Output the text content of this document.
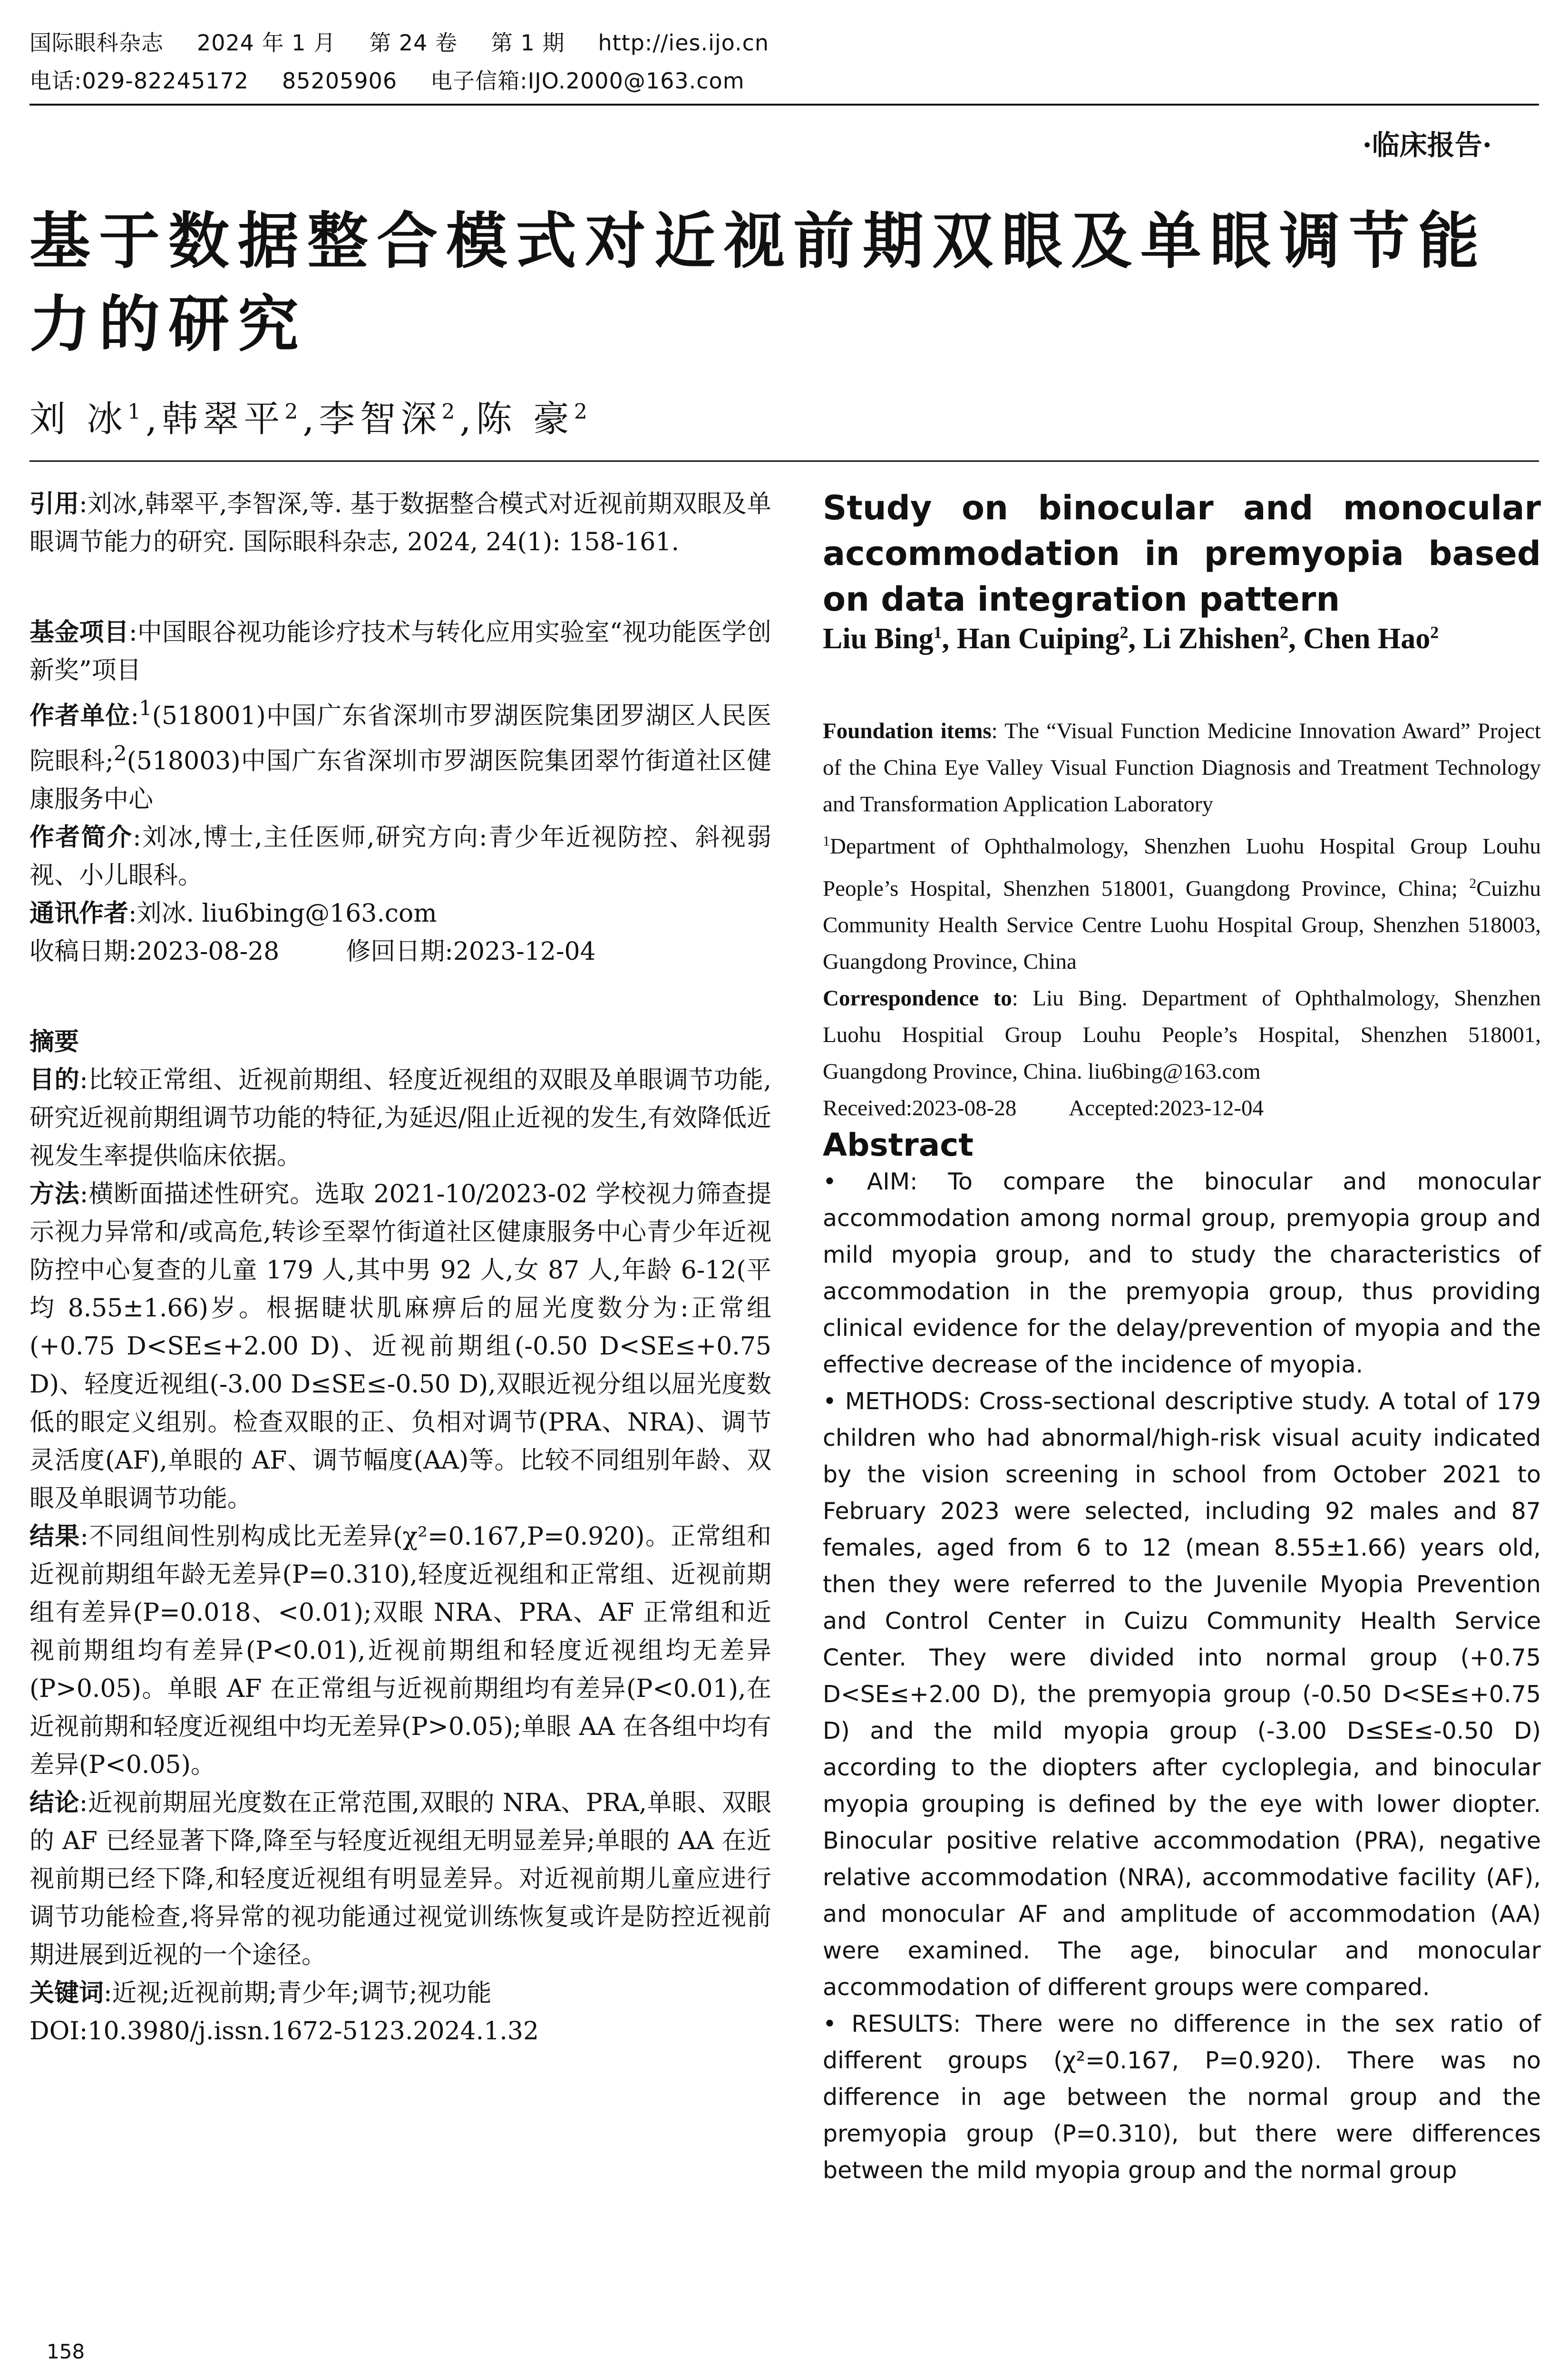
国际眼科杂志 2024 年 1 月 第 24 卷 第 1 期 http://ies.ijo.cn
电话:029-82245172 85205906 电子信箱:IJO.2000@163.com
·临床报告·
基于数据整合模式对近视前期双眼及单眼调节能力的研究
刘 冰$^1$,韩翠平$^2$,李智深$^2$,陈 豪$^2$

引用:刘冰,韩翠平,李智深,等. 基于数据整合模式对近视前期双眼及单眼调节能力的研究. 国际眼科杂志, 2024, 24(1): 158-161.

基金项目:中国眼谷视功能诊疗技术与转化应用实验室“视功能医学创新奖”项目

作者单位:$^1$(518001)中国广东省深圳市罗湖医院集团罗湖区人民医院眼科;$^2$(518003)中国广东省深圳市罗湖医院集团翠竹街道社区健康服务中心

作者简介:刘冰,博士,主任医师,研究方向:青少年近视防控、斜视弱视、小儿眼科。

通讯作者:刘冰. liu6bing@163.com

收稿日期:2023-08-28	修回日期:2023-12-04

摘要

目的:比较正常组、近视前期组、轻度近视组的双眼及单眼调节功能,研究近视前期组调节功能的特征,为延迟/阻止近视的发生,有效降低近视发生率提供临床依据。

方法:横断面描述性研究。选取 2021-10/2023-02 学校视力筛查提示视力异常和/或高危,转诊至翠竹街道社区健康服务中心青少年近视防控中心复查的儿童 179 人,其中男 92 人,女 87 人,年龄 6-12(平均 8.55±1.66)岁。根据睫状肌麻痹后的屈光度数分为:正常组(+0.75 D<SE≤+2.00 D)、近视前期组(-0.50 D<SE≤+0.75 D)、轻度近视组(-3.00 D≤SE≤-0.50 D),双眼近视分组以屈光度数低的眼定义组别。检查双眼的正、负相对调节(PRA、NRA)、调节灵活度(AF),单眼的 AF、调节幅度(AA)等。比较不同组别年龄、双眼及单眼调节功能。

结果:不同组间性别构成比无差异(χ²=0.167,P=0.920)。正常组和近视前期组年龄无差异(P=0.310),轻度近视组和正常组、近视前期组有差异(P=0.018、<0.01);双眼 NRA、PRA、AF 正常组和近视前期组均有差异(P<0.01),近视前期组和轻度近视组均无差异(P>0.05)。单眼 AF 在正常组与近视前期组均有差异(P<0.01),在近视前期和轻度近视组中均无差异(P>0.05);单眼 AA 在各组中均有差异(P<0.05)。

结论:近视前期屈光度数在正常范围,双眼的 NRA、PRA,单眼、双眼的 AF 已经显著下降,降至与轻度近视组无明显差异;单眼的 AA 在近视前期已经下降,和轻度近视组有明显差异。对近视前期儿童应进行调节功能检查,将异常的视功能通过视觉训练恢复或许是防控近视前期进展到近视的一个途径。

关键词:近视;近视前期;青少年;调节;视功能

DOI:10.3980/j.issn.1672-5123.2024.1.32

Study on binocular and monocular accommodation in premyopia based on data integration pattern

Liu Bing$^1$, Han Cuiping$^2$, Li Zhishen$^2$, Chen Hao$^2$

Foundation items: The “Visual Function Medicine Innovation Award” Project of the China Eye Valley Visual Function Diagnosis and Treatment Technology and Transformation Application Laboratory

$^1$Department of Ophthalmology, Shenzhen Luohu Hospital Group Louhu People’s Hospital, Shenzhen 518001, Guangdong Province, China; $^2$Cuizhu Community Health Service Centre Luohu Hospital Group, Shenzhen 518003, Guangdong Province, China

Correspondence to: Liu Bing. Department of Ophthalmology, Shenzhen Luohu Hospitial Group Louhu People’s Hospital, Shenzhen 518001, Guangdong Province, China. liu6bing@163.com

Received:2023-08-28 Accepted:2023-12-04

Abstract

• AIM: To compare the binocular and monocular accommodation among normal group, premyopia group and mild myopia group, and to study the characteristics of accommodation in the premyopia group, thus providing clinical evidence for the delay/prevention of myopia and the effective decrease of the incidence of myopia.

• METHODS: Cross-sectional descriptive study. A total of 179 children who had abnormal/high-risk visual acuity indicated by the vision screening in school from October 2021 to February 2023 were selected, including 92 males and 87 females, aged from 6 to 12 (mean 8.55±1.66) years old, then they were referred to the Juvenile Myopia Prevention and Control Center in Cuizu Community Health Service Center. They were divided into normal group (+0.75 D<SE≤+2.00 D), the premyopia group (-0.50 D<SE≤+0.75 D) and the mild myopia group (-3.00 D≤SE≤-0.50 D) according to the diopters after cycloplegia, and binocular myopia grouping is defined by the eye with lower diopter. Binocular positive relative accommodation (PRA), negative relative accommodation (NRA), accommodative facility (AF), and monocular AF and amplitude of accommodation (AA) were examined. The age, binocular and monocular accommodation of different groups were compared.

• RESULTS: There were no difference in the sex ratio of different groups (χ²=0.167, P=0.920). There was no difference in age between the normal group and the premyopia group (P=0.310), but there were differences between the mild myopia group and the normal group

158
